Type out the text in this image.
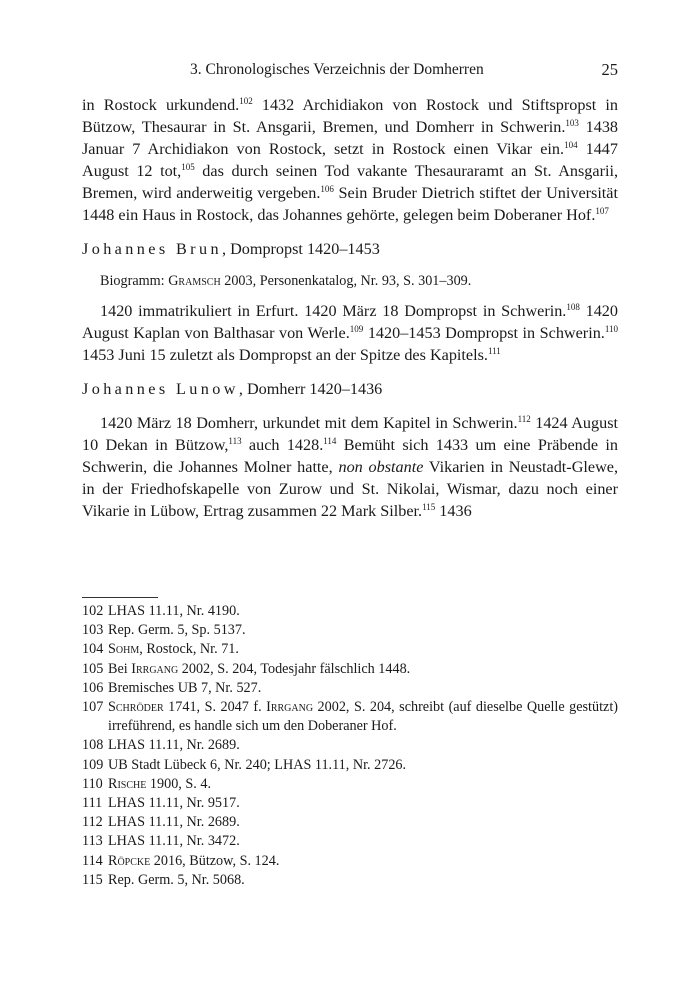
3. Chronologisches Verzeichnis der Domherren	25

in Rostock urkundend.$^{102}$ 1432 Archidiakon von Rostock und Stiftspropst in Bützow, Thesaurar in St. Ansgarii, Bremen, und Domherr in Schwerin.$^{103}$ 1438 Januar 7 Archidiakon von Rostock, setzt in Rostock einen Vikar ein.$^{104}$ 1447 August 12 tot,$^{105}$ das durch seinen Tod vakante Thesauraramt an St. Ansgarii, Bremen, wird anderweitig vergeben.$^{106}$ Sein Bruder Dietrich stiftet der Universität 1448 ein Haus in Rostock, das Johannes gehörte, gelegen beim Doberaner Hof.$^{107}$

Johannes Brun, Dompropst 1420–1453

Biogramm: Gramsch 2003, Personenkatalog, Nr. 93, S. 301–309.

1420 immatrikuliert in Erfurt. 1420 März 18 Dompropst in Schwerin.$^{108}$ 1420 August Kaplan von Balthasar von Werle.$^{109}$ 1420–1453 Dompropst in Schwerin.$^{110}$ 1453 Juni 15 zuletzt als Dompropst an der Spitze des Kapitels.$^{111}$

Johannes Lunow, Domherr 1420–1436

1420 März 18 Domherr, urkundet mit dem Kapitel in Schwerin.$^{112}$ 1424 August 10 Dekan in Bützow,$^{113}$ auch 1428.$^{114}$ Bemüht sich 1433 um eine Präbende in Schwerin, die Johannes Molner hatte, non obstante Vikarien in Neustadt-Glewe, in der Friedhofskapelle von Zurow und St. Nikolai, Wismar, dazu noch einer Vikarie in Lübow, Ertrag zusammen 22 Mark Silber.$^{115}$ 1436

102 LHAS 11.11, Nr. 4190.
103 Rep. Germ. 5, Sp. 5137.
104 Sohm, Rostock, Nr. 71.
105 Bei Irrgang 2002, S. 204, Todesjahr fälschlich 1448.
106 Bremisches UB 7, Nr. 527.
107 Schröder 1741, S. 2047 f. Irrgang 2002, S. 204, schreibt (auf dieselbe Quelle gestützt) irreführend, es handle sich um den Doberaner Hof.
108 LHAS 11.11, Nr. 2689.
109 UB Stadt Lübeck 6, Nr. 240; LHAS 11.11, Nr. 2726.
110 Rische 1900, S. 4.
111 LHAS 11.11, Nr. 9517.
112 LHAS 11.11, Nr. 2689.
113 LHAS 11.11, Nr. 3472.
114 Röpcke 2016, Bützow, S. 124.
115 Rep. Germ. 5, Nr. 5068.
